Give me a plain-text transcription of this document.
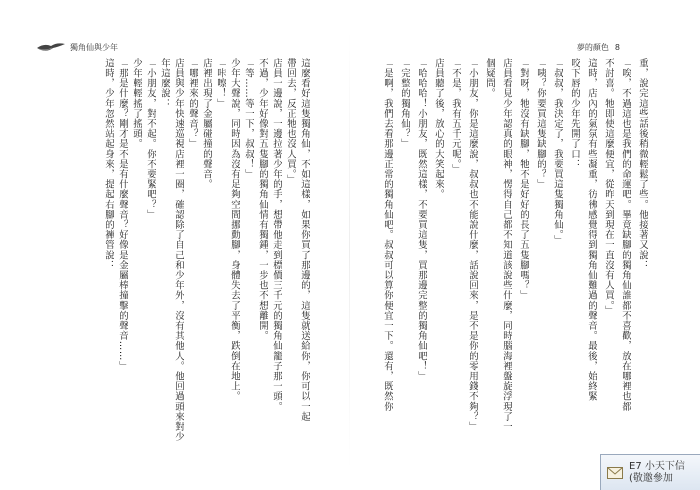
獨角仙與少年	夢的顏色 8
重，說完這些話後稍微輕鬆了些。他接著又說：
「唉，不過這也是我們的命運吧。畢竟缺腳的獨角仙誰都不喜歡，放在哪裡也都
不討喜。牠即使這麼便宜，從昨天到現在一直沒有人買。」
這時，店內的氣氛有些凝重，彷彿感覺得到獨角仙難過的聲音。最後，始終緊
咬下唇的少年先開了口：
「叔叔，我決定了，我要買這隻獨角仙。」
「咦？你要買這隻缺腳的？」
「對呀，牠沒有缺腳，牠不是好好的長了五隻腳嗎？」
店員看見少年認真的眼神，愣得自己都不知道該說些什麼，同時腦海裡盤旋浮現了一
個疑問。
「小朋友，你是這麼說，叔叔也不能說什麼，話說回來，是不是你的零用錢不夠？」
「不是，我有五千元呢。」
店員聽了後，放心的大笑起來。
「哈哈哈！小朋友，既然這樣，不要買這隻，買那邊完整的獨角仙吧！」
「完整的獨角仙？」
「是啊，我們去看那邊正常的獨角仙吧。叔叔可以算你便宜一下。還有，既然你
這麼看好這隻獨角仙，不如這樣，如果你買了那邊的，這隻就送給你，你可以一起
帶回去，反正牠也沒人買。」
店員一邊說，一邊拉著少年的手，想帶他走到標價三千元的獨角仙籠子那一頭。
不過，少年好像對五隻腳的獨角仙情有獨鍾，一步也不想離開。
「等……等一下，叔叔！」
少年大聲說，同時因為沒有足夠空間挪動腳，身體失去了平衡，跌倒在地上。
「咔嚓！」
店裡出現了金屬碰撞的聲音。
「哪裡來的聲音？」
店員與少年快速巡視店裡一圈，確認除了自己和少年外，沒有其他人。他回過頭來對少
年這麼說：
「小朋友，對不起。你不要緊吧？」
少年輕輕搖了搖頭。
「那是什麼？剛才是不是有什麼聲音？好像是金屬棒撞擊的聲音……」
這時，少年忽然站起身來，提起右腳的褲管說：
E7 小天下信
(敬邀參加
